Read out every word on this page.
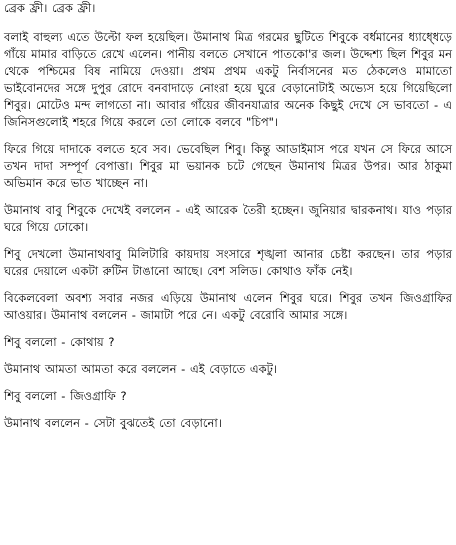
ব্রেক ফ্রী। ব্রেক ফ্রী।

বলাই বাহুল্য এতে উল্টো ফল হয়েছিল। উমানাথ মিত্র গরমের ছুটিতে শিবুকে বর্ধমানের ধ্যাধ্ধেড়ে গাঁয়ে মামার বাড়িতে রেখে এলেন। পানীয় বলতে সেখানে পাতকো'র জল। উদ্দেশ্য ছিল শিবুর মন থেকে পশ্চিমের বিষ নামিয়ে দেওয়া। প্রথম প্রথম একটু নির্বাসনের মত ঠেকলেও মামাতো ভাইবোনদের সঙ্গে দুপুর রোদে বনবাদাড়ে নোংরা হয়ে ঘুরে বেড়ানোটাই অভ্যেস হয়ে গিয়েছিলো শিবুর। মোটেও মন্দ লাগতো না। আবার গাঁয়ের জীবনযাত্রার অনেক কিছুই দেখে সে ভাবতো - এ জিনিসগুলোই শহরে গিয়ে করলে তো লোকে বলবে "চিপ"।

ফিরে গিয়ে দাদাকে বলতে হবে সব। ভেবেছিল শিবু। কিন্তু আডাইমাস পরে যখন সে ফিরে আসে তখন দাদা সম্পূর্ণ বেপাত্তা। শিবুর মা ভয়ানক চটে গেছেন উমানাথ মিত্রর উপর। আর ঠাকুমা অভিমান করে ভাত খাচ্ছেন না।

উমানাথ বাবু শিবুকে দেখেই বললেন - এই আরেক তৈরী হচ্ছেন। জুনিয়ার দ্বারকনাথ। যাও পড়ার ঘরে গিয়ে ঢোকো।

শিবু দেখলো উমানাথবাবু মিলিটারি কায়দায় সংসারে শৃঙ্খলা আনার চেষ্টা করছেন। তার পড়ার ঘরের দেয়ালে একটা রুটিন টাঙানো আছে। বেশ সলিড। কোথাও ফাঁক নেই।

বিকেলবেলা অবশ্য সবার নজর এড়িয়ে উমানাথ এলেন শিবুর ঘরে। শিবুর তখন জিওগ্রাফির আওয়ার। উমানাথ বললেন - জামাটা পরে নে। একটু বেরোবি আমার সঙ্গে।

শিবু বললো - কোথায় ?

উমানাথ আমতা আমতা করে বললেন - এই বেড়াতে একটু।

শিবু বললো - জিওগ্রাফি ?

উমানাথ বললেন - সেটা বুঝতেই তো বেড়ানো।
